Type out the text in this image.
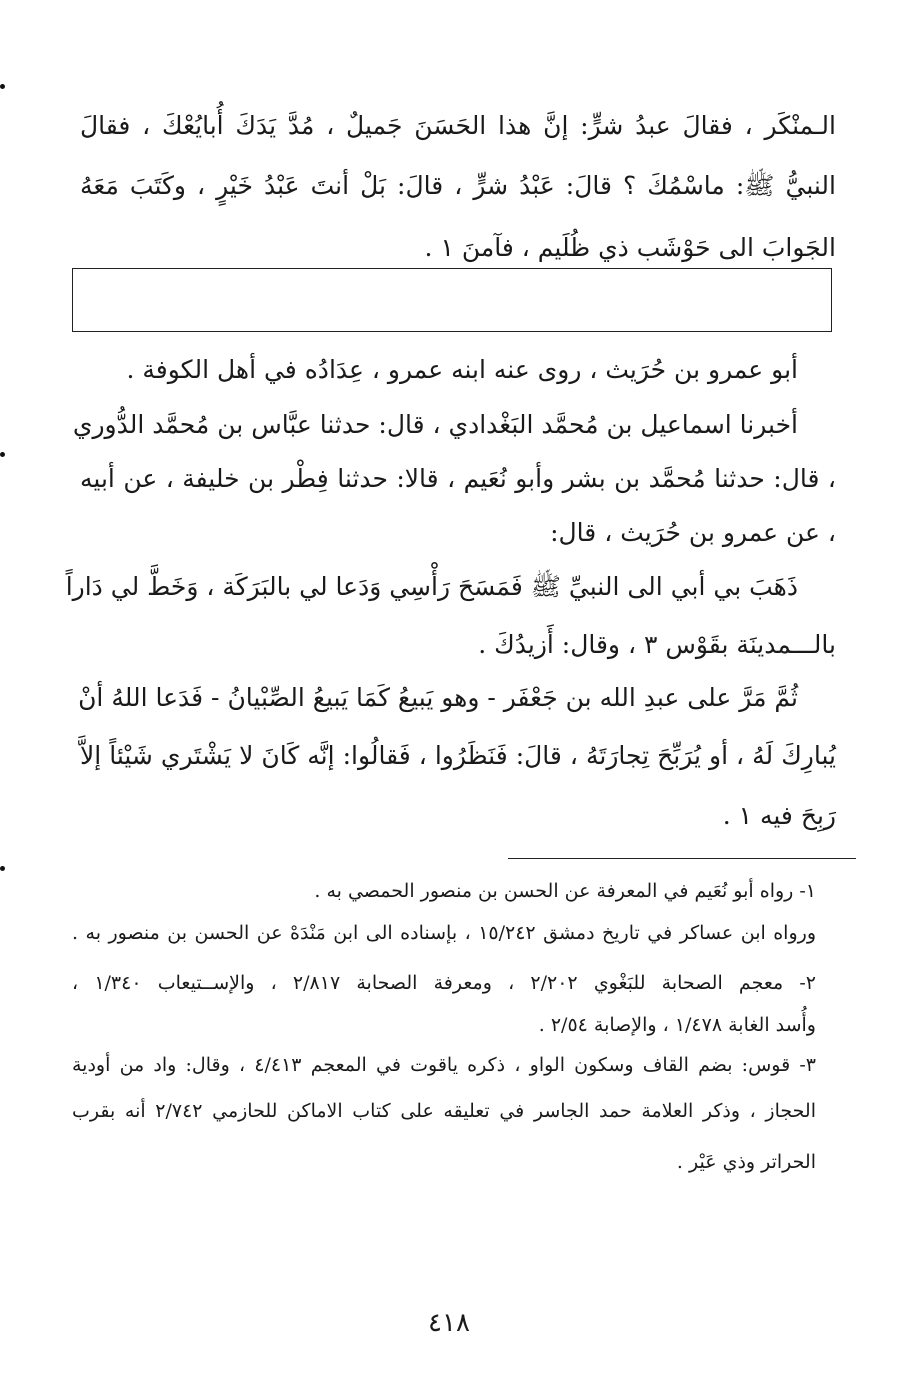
الـمنْكَر ، فقالَ عبدُ شرٍّ: إنَّ هذا الحَسَنَ جَميلٌ ، مُدَّ يَدَكَ أُبايُعْكَ ، فقالَ
النبيُّ ﷺ: ماسْمُكَ ؟ قالَ: عَبْدُ شرٍّ ، قالَ: بَلْ أنتَ عَبْدُ خَيْرٍ ، وكَتَبَ مَعَهُ
الجَوابَ الى حَوْشَب ذي ظُلَيم ، فآمنَ ١ .
أبو عمرو بن حُرَيث ، روى عنه ابنه عمرو ، عِدَادُه في أهل الكوفة .
أخبرنا اسماعيل بن مُحمَّد البَغْدادي ، قال: حدثنا عبَّاس بن مُحمَّد الدُّوري
، قال: حدثنا مُحمَّد بن بشر وأبو نُعَيم ، قالا: حدثنا فِطْر بن خليفة ، عن أبيه
، عن عمرو بن حُرَيث ، قال:
ذَهَبَ بي أبي الى النبيِّ ﷺ فَمَسَحَ رَأْسِي وَدَعا لي بالبَرَكَة ، وَخَطَّ لي دَاراً
بالـــمدينَة بقَوْس ٣ ، وقال: أَزيدُكَ .
ثُمَّ مَرَّ على عبدِ الله بن جَعْفَر - وهو يَبيعُ كَمَا يَبيعُ الصِّبْيانُ - فَدَعا اللهُ أنْ
يُبارِكَ لَهُ ، أو يُرَبِّحَ تِجارَتَهُ ، قالَ: فَنَظَرُوا ، فَقالُوا: إنَّه كَانَ لا يَشْتَري شَيْئاً إلاَّ
رَبِحَ فيه ١ .
١- رواه أبو نُعَيم في المعرفة عن الحسن بن منصور الحمصي به .
ورواه ابن عساكر في تاريخ دمشق ١٥/٢٤٢ ، بإسناده الى ابن مَنْدَهْ عن الحسن بن منصور به .
٢- معجم الصحابة للبَغْوي ٢/٢٠٢ ، ومعرفة الصحابة ٢/٨١٧ ، والإســتيعاب ١/٣٤٠ ،
وأُسد الغابة ١/٤٧٨ ، والإصابة ٢/٥٤ .
٣- قوس: بضم القاف وسكون الواو ، ذكره ياقوت في المعجم ٤/٤١٣ ، وقال: واد من أودية
الحجاز ، وذكر العلامة حمد الجاسر في تعليقه على كتاب الاماكن للحازمي ٢/٧٤٢ أنه بقرب
الحراتر وذي عَيْر .
٤١٨
